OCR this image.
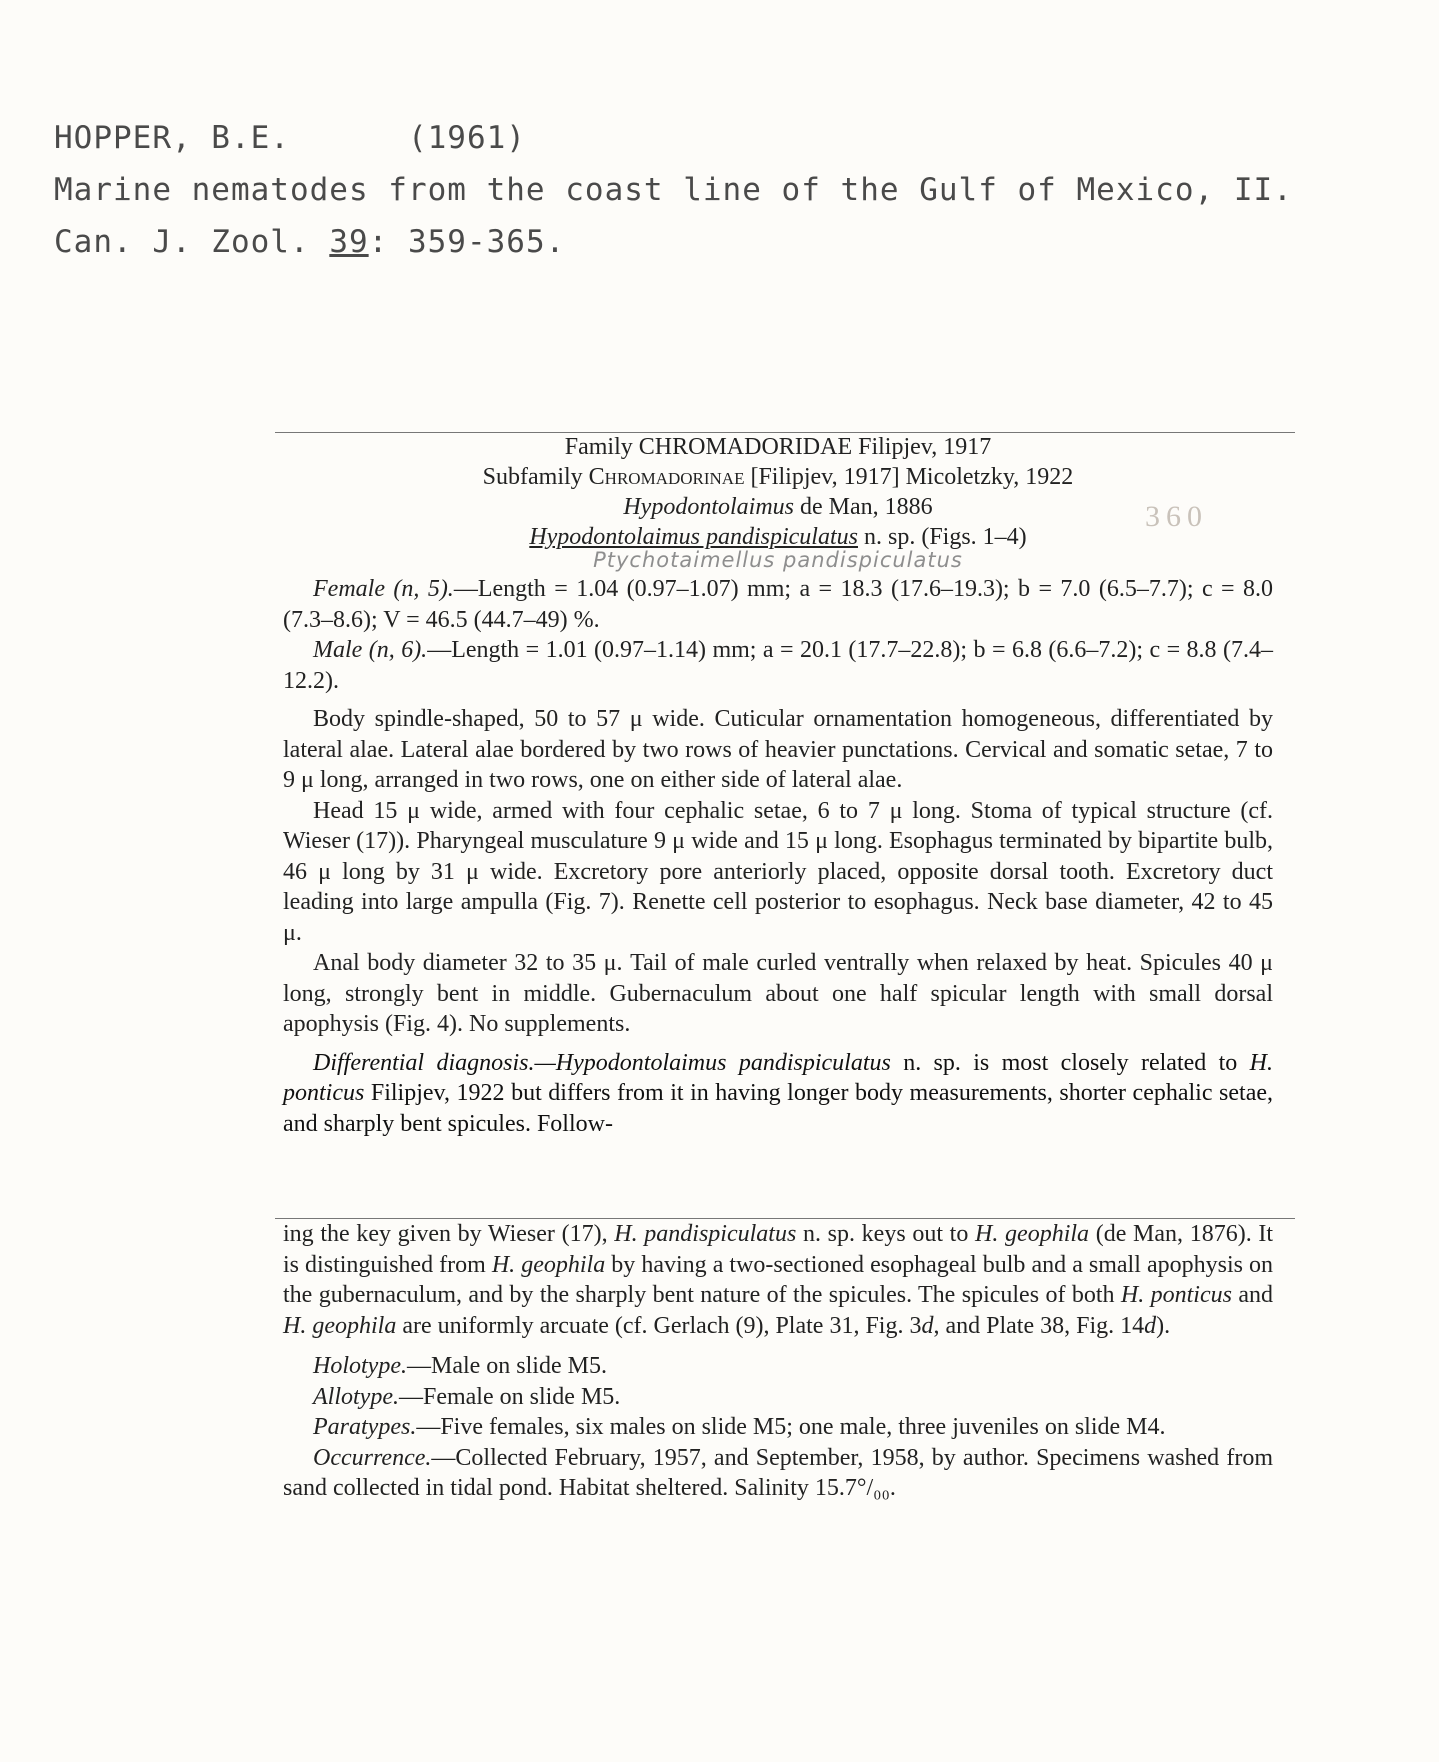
HOPPER, B.E.	(1961)
Marine nematodes from the coast line of the Gulf of Mexico, II.
Can. J. Zool. 39: 359-365.
360
Family CHROMADORIDAE Filipjev, 1917
Subfamily Chromadorinae [Filipjev, 1917] Micoletzky, 1922
Hypodontolaimus de Man, 1886
Hypodontolaimus pandispiculatus n. sp. (Figs. 1–4)
Ptychotaimellus pandispiculatus

Female (n, 5).—Length = 1.04 (0.97–1.07) mm; a = 18.3 (17.6–19.3); b = 7.0 (6.5–7.7); c = 8.0 (7.3–8.6); V = 46.5 (44.7–49) %.

Male (n, 6).—Length = 1.01 (0.97–1.14) mm; a = 20.1 (17.7–22.8); b = 6.8 (6.6–7.2); c = 8.8 (7.4–12.2).

Body spindle-shaped, 50 to 57 μ wide. Cuticular ornamentation homogeneous, differentiated by lateral alae. Lateral alae bordered by two rows of heavier punctations. Cervical and somatic setae, 7 to 9 μ long, arranged in two rows, one on either side of lateral alae.

Head 15 μ wide, armed with four cephalic setae, 6 to 7 μ long. Stoma of typical structure (cf. Wieser (17)). Pharyngeal musculature 9 μ wide and 15 μ long. Esophagus terminated by bipartite bulb, 46 μ long by 31 μ wide. Excretory pore anteriorly placed, opposite dorsal tooth. Excretory duct leading into large ampulla (Fig. 7). Renette cell posterior to esophagus. Neck base diameter, 42 to 45 μ.

Anal body diameter 32 to 35 μ. Tail of male curled ventrally when relaxed by heat. Spicules 40 μ long, strongly bent in middle. Gubernaculum about one half spicular length with small dorsal apophysis (Fig. 4). No supplements.

Differential diagnosis.—Hypodontolaimus pandispiculatus n. sp. is most closely related to H. ponticus Filipjev, 1922 but differs from it in having longer body measurements, shorter cephalic setae, and sharply bent spicules. Follow-

ing the key given by Wieser (17), H. pandispiculatus n. sp. keys out to H. geophila (de Man, 1876). It is distinguished from H. geophila by having a two-sectioned esophageal bulb and a small apophysis on the gubernaculum, and by the sharply bent nature of the spicules. The spicules of both H. ponticus and H. geophila are uniformly arcuate (cf. Gerlach (9), Plate 31, Fig. 3d, and Plate 38, Fig. 14d).

Holotype.—Male on slide M5.

Allotype.—Female on slide M5.

Paratypes.—Five females, six males on slide M5; one male, three juveniles on slide M4.

Occurrence.—Collected February, 1957, and September, 1958, by author. Specimens washed from sand collected in tidal pond. Habitat sheltered. Salinity 15.7°/₀₀.
